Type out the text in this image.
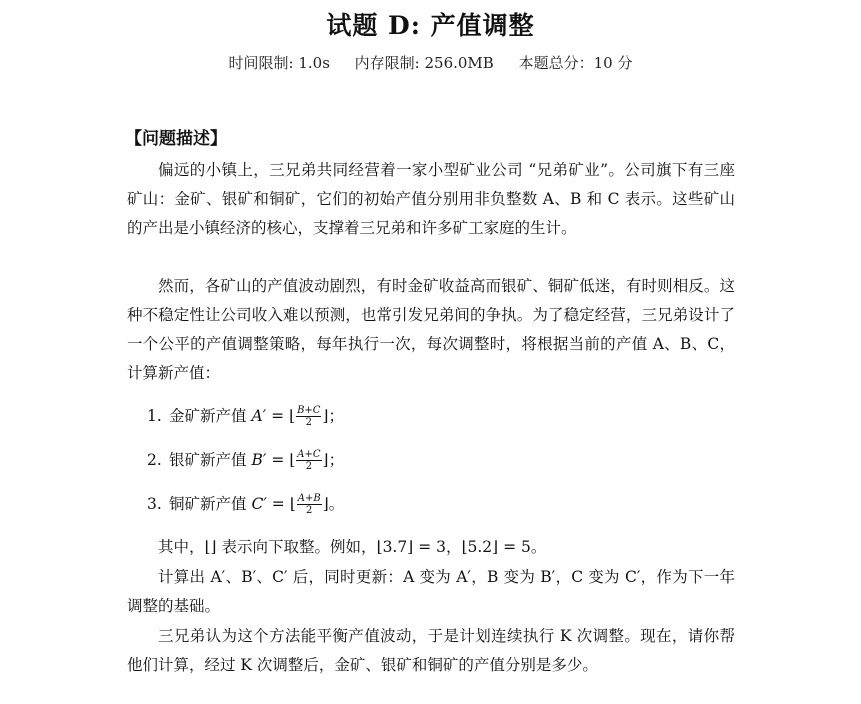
试题 D: 产值调整
时间限制: 1.0s 内存限制: 256.0MB 本题总分：10 分
【问题描述】

偏远的小镇上，三兄弟共同经营着一家小型矿业公司 “兄弟矿业”。公司旗下有三座矿山：金矿、银矿和铜矿，它们的初始产值分别用非负整数 A、B 和 C 表示。这些矿山的产出是小镇经济的核心，支撑着三兄弟和许多矿工家庭的生计。

然而，各矿山的产值波动剧烈，有时金矿收益高而银矿、铜矿低迷，有时则相反。这种不稳定性让公司收入难以预测，也常引发兄弟间的争执。为了稳定经营，三兄弟设计了一个公平的产值调整策略，每年执行一次，每次调整时，将根据当前的产值 A、B、C，计算新产值：

1. 金矿新产值
A′
= ⌊ $\frac{B+C}{2}$ ⌋；
2. 银矿新产值
B′
= ⌊ $\frac{A+C}{2}$ ⌋；
3. 铜矿新产值
C′
= ⌊ $\frac{A+B}{2}$ ⌋。

其中，⌊⌋ 表示向下取整。例如，⌊3.7⌋ = 3，⌊5.2⌋ = 5。

计算出 A′、B′、C′ 后，同时更新：A 变为 A′，B 变为 B′，C 变为 C′，作为下一年调整的基础。

三兄弟认为这个方法能平衡产值波动，于是计划连续执行 K 次调整。现在，请你帮他们计算，经过 K 次调整后，金矿、银矿和铜矿的产值分别是多少。
